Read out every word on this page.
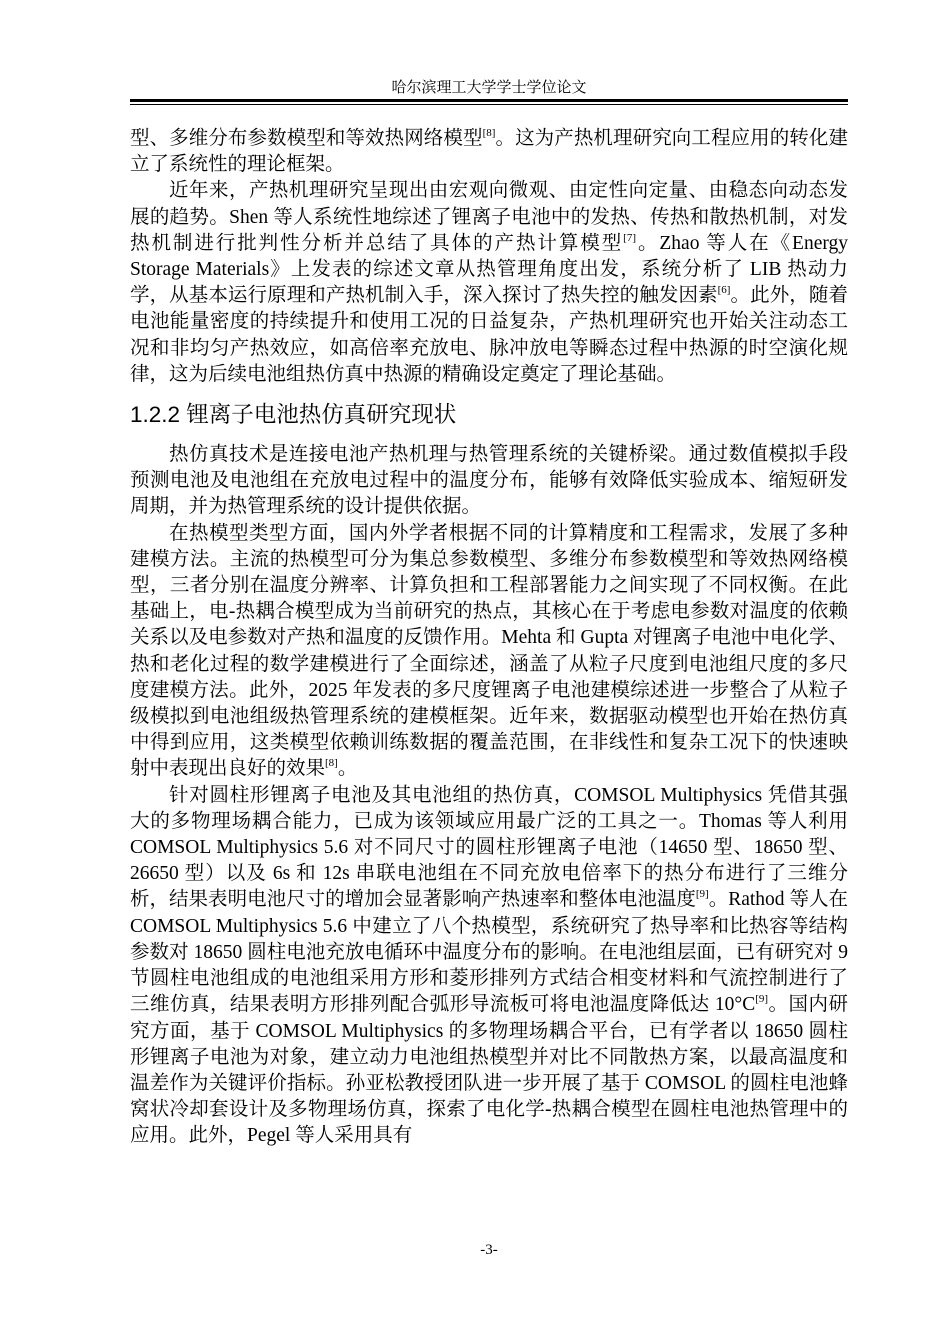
哈尔滨理工大学学士学位论文

型、多维分布参数模型和等效热网络模型[8]。这为产热机理研究向工程应用的转化建立了系统性的理论框架。

近年来，产热机理研究呈现出由宏观向微观、由定性向定量、由稳态向动态发展的趋势。Shen 等人系统性地综述了锂离子电池中的发热、传热和散热机制，对发热机制进行批判性分析并总结了具体的产热计算模型[7]。Zhao 等人在《Energy Storage Materials》上发表的综述文章从热管理角度出发，系统分析了 LIB 热动力学，从基本运行原理和产热机制入手，深入探讨了热失控的触发因素[6]。此外，随着电池能量密度的持续提升和使用工况的日益复杂，产热机理研究也开始关注动态工况和非均匀产热效应，如高倍率充放电、脉冲放电等瞬态过程中热源的时空演化规律，这为后续电池组热仿真中热源的精确设定奠定了理论基础。

1.2.2 锂离子电池热仿真研究现状

热仿真技术是连接电池产热机理与热管理系统的关键桥梁。通过数值模拟手段预测电池及电池组在充放电过程中的温度分布，能够有效降低实验成本、缩短研发周期，并为热管理系统的设计提供依据。

在热模型类型方面，国内外学者根据不同的计算精度和工程需求，发展了多种建模方法。主流的热模型可分为集总参数模型、多维分布参数模型和等效热网络模型，三者分别在温度分辨率、计算负担和工程部署能力之间实现了不同权衡。在此基础上，电-热耦合模型成为当前研究的热点，其核心在于考虑电参数对温度的依赖关系以及电参数对产热和温度的反馈作用。Mehta 和 Gupta 对锂离子电池中电化学、热和老化过程的数学建模进行了全面综述，涵盖了从粒子尺度到电池组尺度的多尺度建模方法。此外，2025 年发表的多尺度锂离子电池建模综述进一步整合了从粒子级模拟到电池组级热管理系统的建模框架。近年来，数据驱动模型也开始在热仿真中得到应用，这类模型依赖训练数据的覆盖范围，在非线性和复杂工况下的快速映射中表现出良好的效果[8]。

针对圆柱形锂离子电池及其电池组的热仿真，COMSOL Multiphysics 凭借其强大的多物理场耦合能力，已成为该领域应用最广泛的工具之一。Thomas 等人利用 COMSOL Multiphysics 5.6 对不同尺寸的圆柱形锂离子电池（14650 型、18650 型、26650 型）以及 6s 和 12s 串联电池组在不同充放电倍率下的热分布进行了三维分析，结果表明电池尺寸的增加会显著影响产热速率和整体电池温度[9]。Rathod 等人在 COMSOL Multiphysics 5.6 中建立了八个热模型，系统研究了热导率和比热容等结构参数对 18650 圆柱电池充放电循环中温度分布的影响。在电池组层面，已有研究对 9 节圆柱电池组成的电池组采用方形和菱形排列方式结合相变材料和气流控制进行了三维仿真，结果表明方形排列配合弧形导流板可将电池温度降低达 10°C[9]。国内研究方面，基于 COMSOL Multiphysics 的多物理场耦合平台，已有学者以 18650 圆柱形锂离子电池为对象，建立动力电池组热模型并对比不同散热方案，以最高温度和温差作为关键评价指标。孙亚松教授团队进一步开展了基于 COMSOL 的圆柱电池蜂窝状冷却套设计及多物理场仿真，探索了电化学-热耦合模型在圆柱电池热管理中的应用。此外，Pegel 等人采用具有

-3-
